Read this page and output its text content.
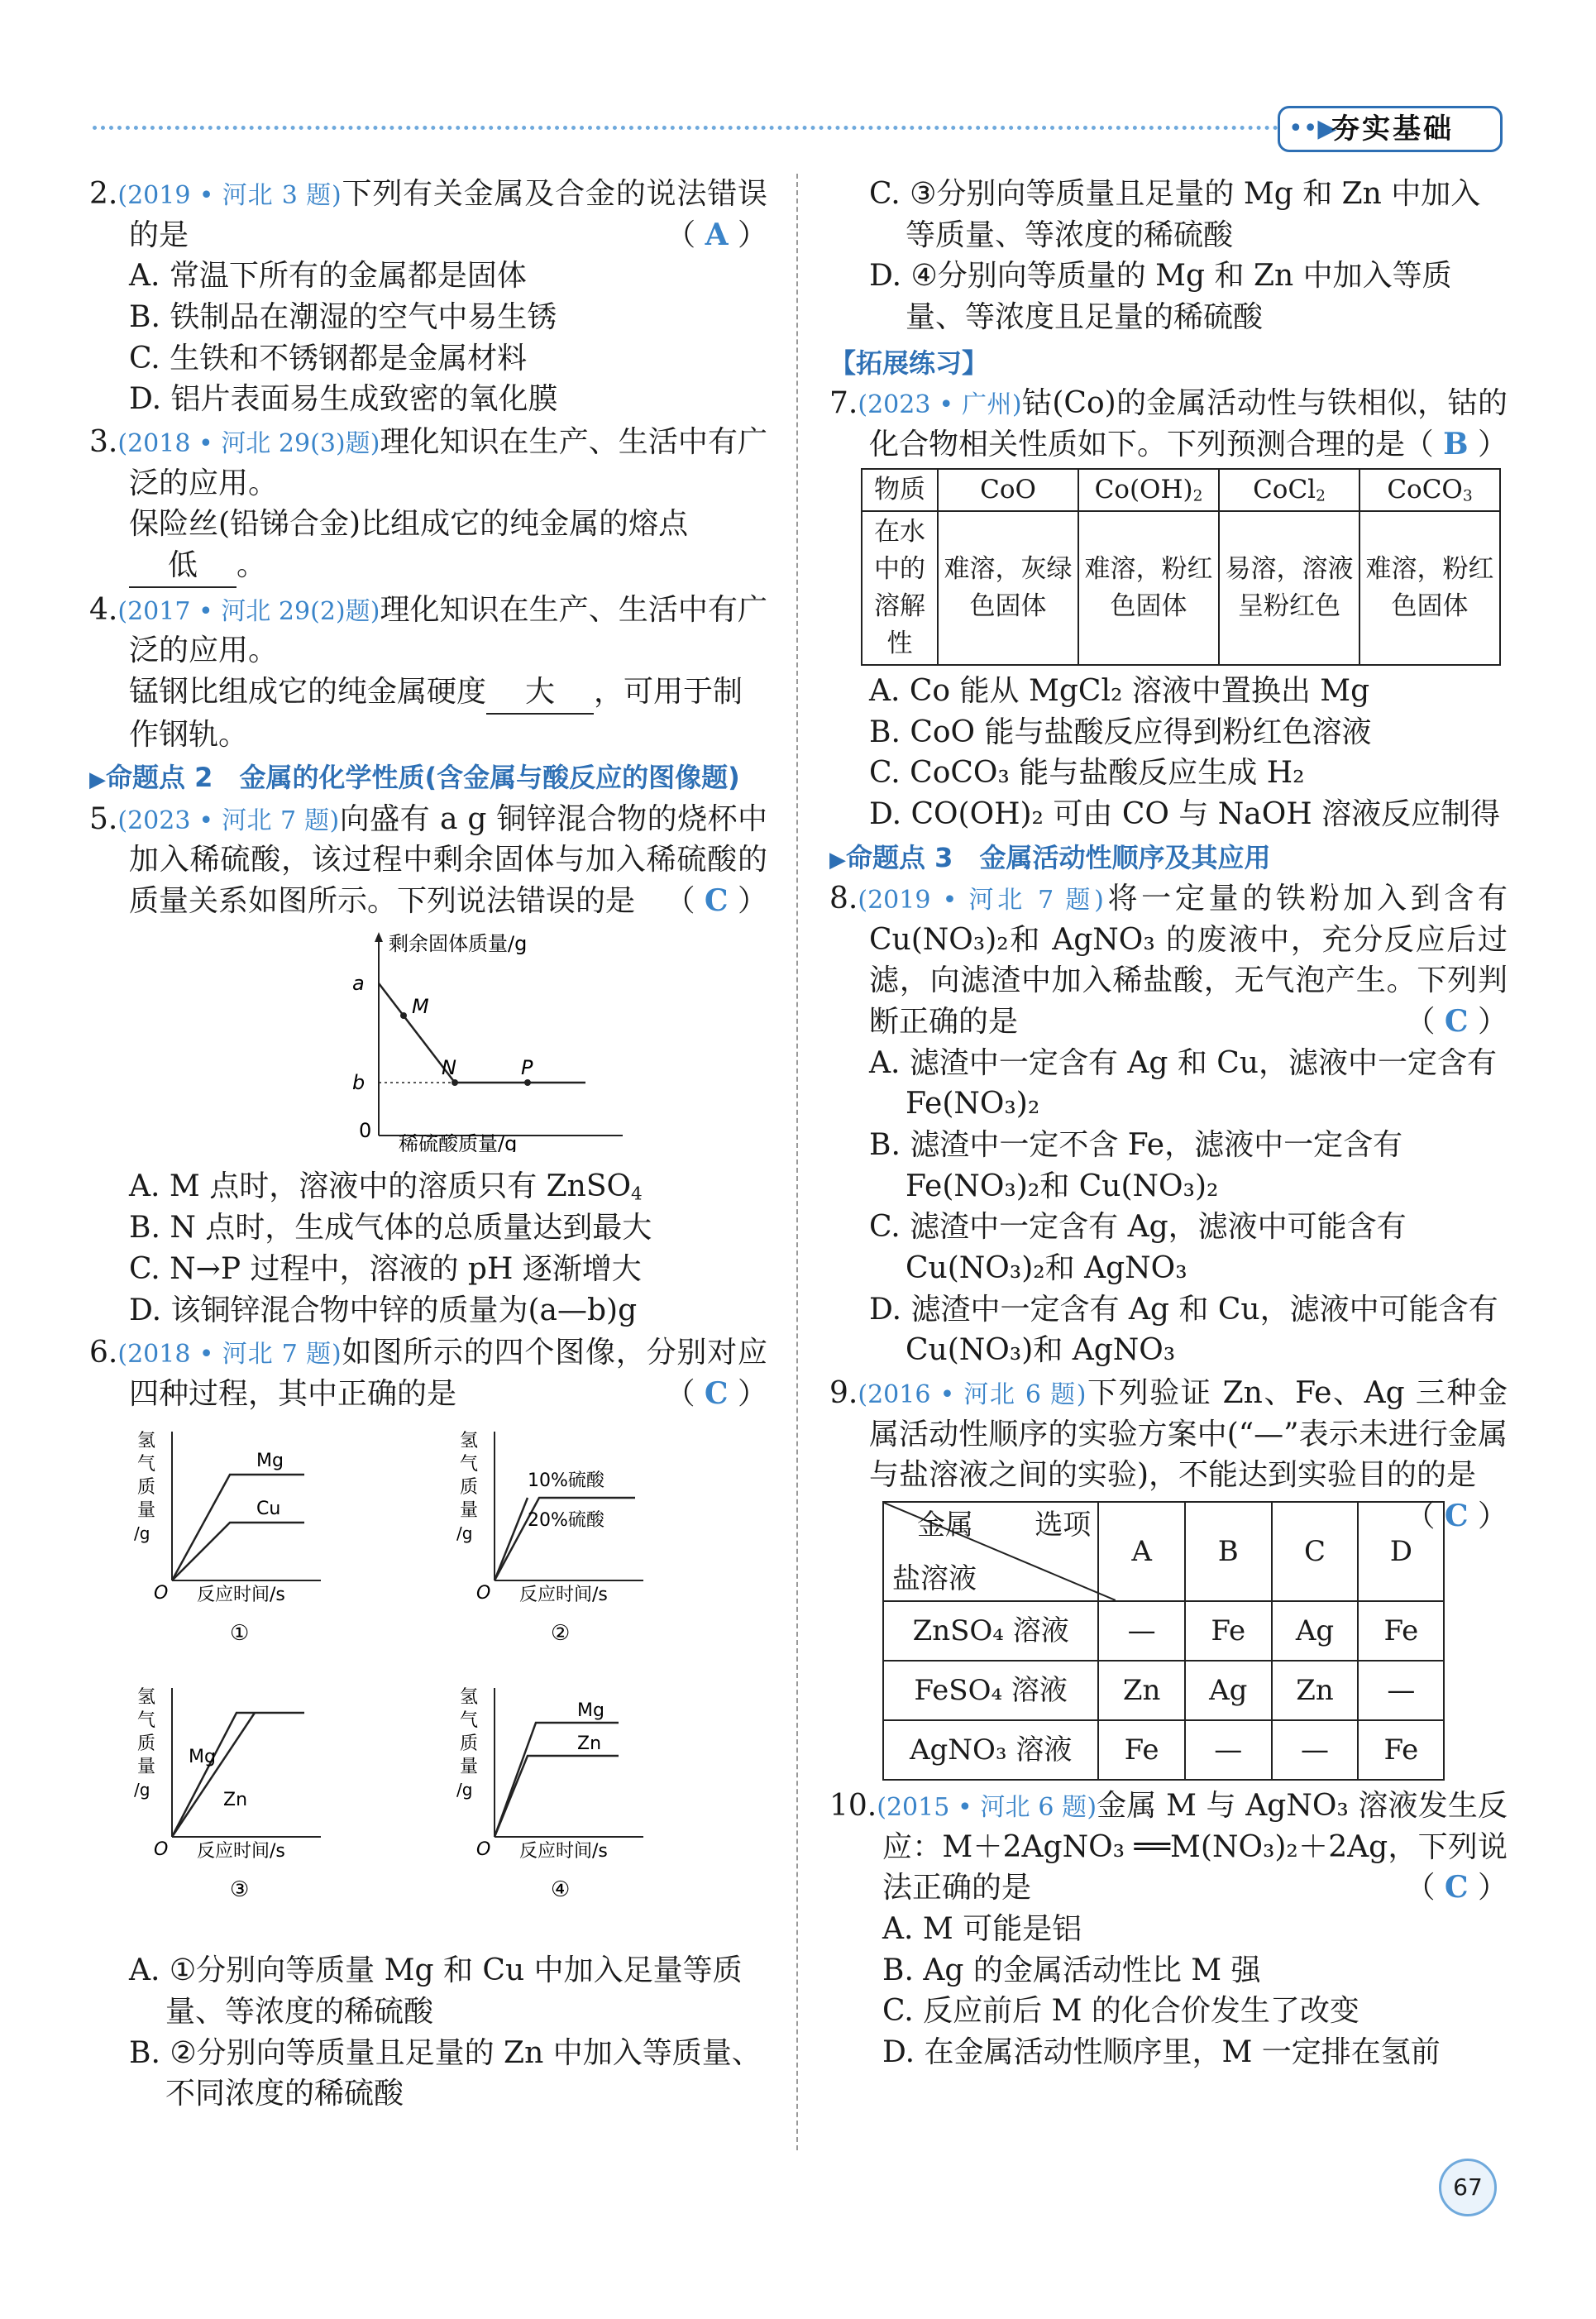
••▶
夯实基础
2.(2019 • 河北 3 题)下列有关金属及合金的说法错误的是	（ A ）
A. 常温下所有的金属都是固体
B. 铁制品在潮湿的空气中易生锈
C. 生铁和不锈钢都是金属材料
D. 铝片表面易生成致密的氧化膜
3.(2018 • 河北 29(3)题)理化知识在生产、生活中有广泛的应用。
保险丝(铅锑合金)比组成它的纯金属的熔点低 。
4.(2017 • 河北 29(2)题)理化知识在生产、生活中有广泛的应用。
锰钢比组成它的纯金属硬度 大 ，可用于制作钢轨。
▶命题点 2　 金属的化学性质(含金属与酸反应的图像题)
5.(2023 • 河北 7 题)向盛有 a g 铜锌混合物的烧杯中加入稀硫酸，该过程中剩余固体与加入稀硫酸的质量关系如图所示。下列说法错误的是 （ C ）
剩余固体质量/g
稀硫酸质量/g
a
b
0
M
N	P
A. M 点时，溶液中的溶质只有 ZnSO$_4$
B. N 点时，生成气体的总质量达到最大
C. N→P 过程中，溶液的 pH 逐渐增大
D. 该铜锌混合物中锌的质量为(a—b)g
6.(2018 • 河北 7 题)如图所示的四个图像，分别对应四种过程，其中正确的是	（ C ）
氢
气
质
量
/g
O 反应时间/s
Mg
Cu
①
氢
气
质
量
/g
O 反应时间/s
10%硫酸
20%硫酸
②
氢
气
质
量
/g
O 反应时间/s
Mg
Zn
③
氢
气
质
量
/g
O 反应时间/s
Mg
Zn
④
A. ①分别向等质量 Mg 和 Cu 中加入足量等质量、等浓度的稀硫酸
B. ②分别向等质量且足量的 Zn 中加入等质量、不同浓度的稀硫酸
C. ③分别向等质量且足量的 Mg 和 Zn 中加入等质量、等浓度的稀硫酸
D. ④分别向等质量的 Mg 和 Zn 中加入等质量、等浓度且足量的稀硫酸
【拓展练习】
7.(2023 • 广州)钴(Co)的金属活动性与铁相似，钴的化合物相关性质如下。下列预测合理的是
（ B ）
物质	CoO	$Co(OH)_2$	CoCl$_2$	CoCO$_3$
在水中的溶解性	难溶，灰绿色固体	难溶，粉红色固体	易溶，溶液呈粉红色	难溶，粉红色固体
A. Co 能从 MgCl₂ 溶液中置换出 Mg
B. CoO 能与盐酸反应得到粉红色溶液
C. CoCO₃ 能与盐酸反应生成 H₂
D. CO(OH)₂ 可由 CO 与 NaOH 溶液反应制得
▶命题点 3　 金属活动性顺序及其应用
8.(2019 • 河北 7 题)将一定量的铁粉加入到含有Cu(NO₃)₂和 AgNO₃ 的废液中，充分反应后过滤，向滤渣中加入稀盐酸，无气泡产生。下列判断正确的是	（ C ）
A. 滤渣中一定含有 Ag 和 Cu，滤液中一定含有Fe(NO₃)₂
B. 滤渣中一定不含 Fe，滤液中一定含有 Fe(NO₃)₂和 Cu(NO₃)₂
C. 滤渣中一定含有 Ag，滤液中可能含有 Cu(NO₃)₂和 AgNO₃
D. 滤渣中一定含有 Ag 和 Cu，滤液中可能含有Cu(NO₃)和 AgNO₃
9.(2016 • 河北 6 题)下列验证 Zn、Fe、Ag 三种金属活动性顺序的实验方案中(“—”表示未进行金属与盐溶液之间的实验)，不能达到实验目的的是
（ C ）
金属 选项
盐溶液	A	B	C	D
ZnSO₄ 溶液	—	Fe	Ag	Fe
FeSO₄ 溶液	Zn	Ag	Zn	—
AgNO₃ 溶液	Fe	—	—	Fe
10.(2015 • 河北 6 题)金属 M 与 AgNO₃ 溶液发生反应：M＋2AgNO₃ ══M(NO₃)₂＋2Ag，下列说法正确的是	（ C ）
A. M 可能是铝
B. Ag 的金属活动性比 M 强
C. 反应前后 M 的化合价发生了改变
D. 在金属活动性顺序里，M 一定排在氢前
67
